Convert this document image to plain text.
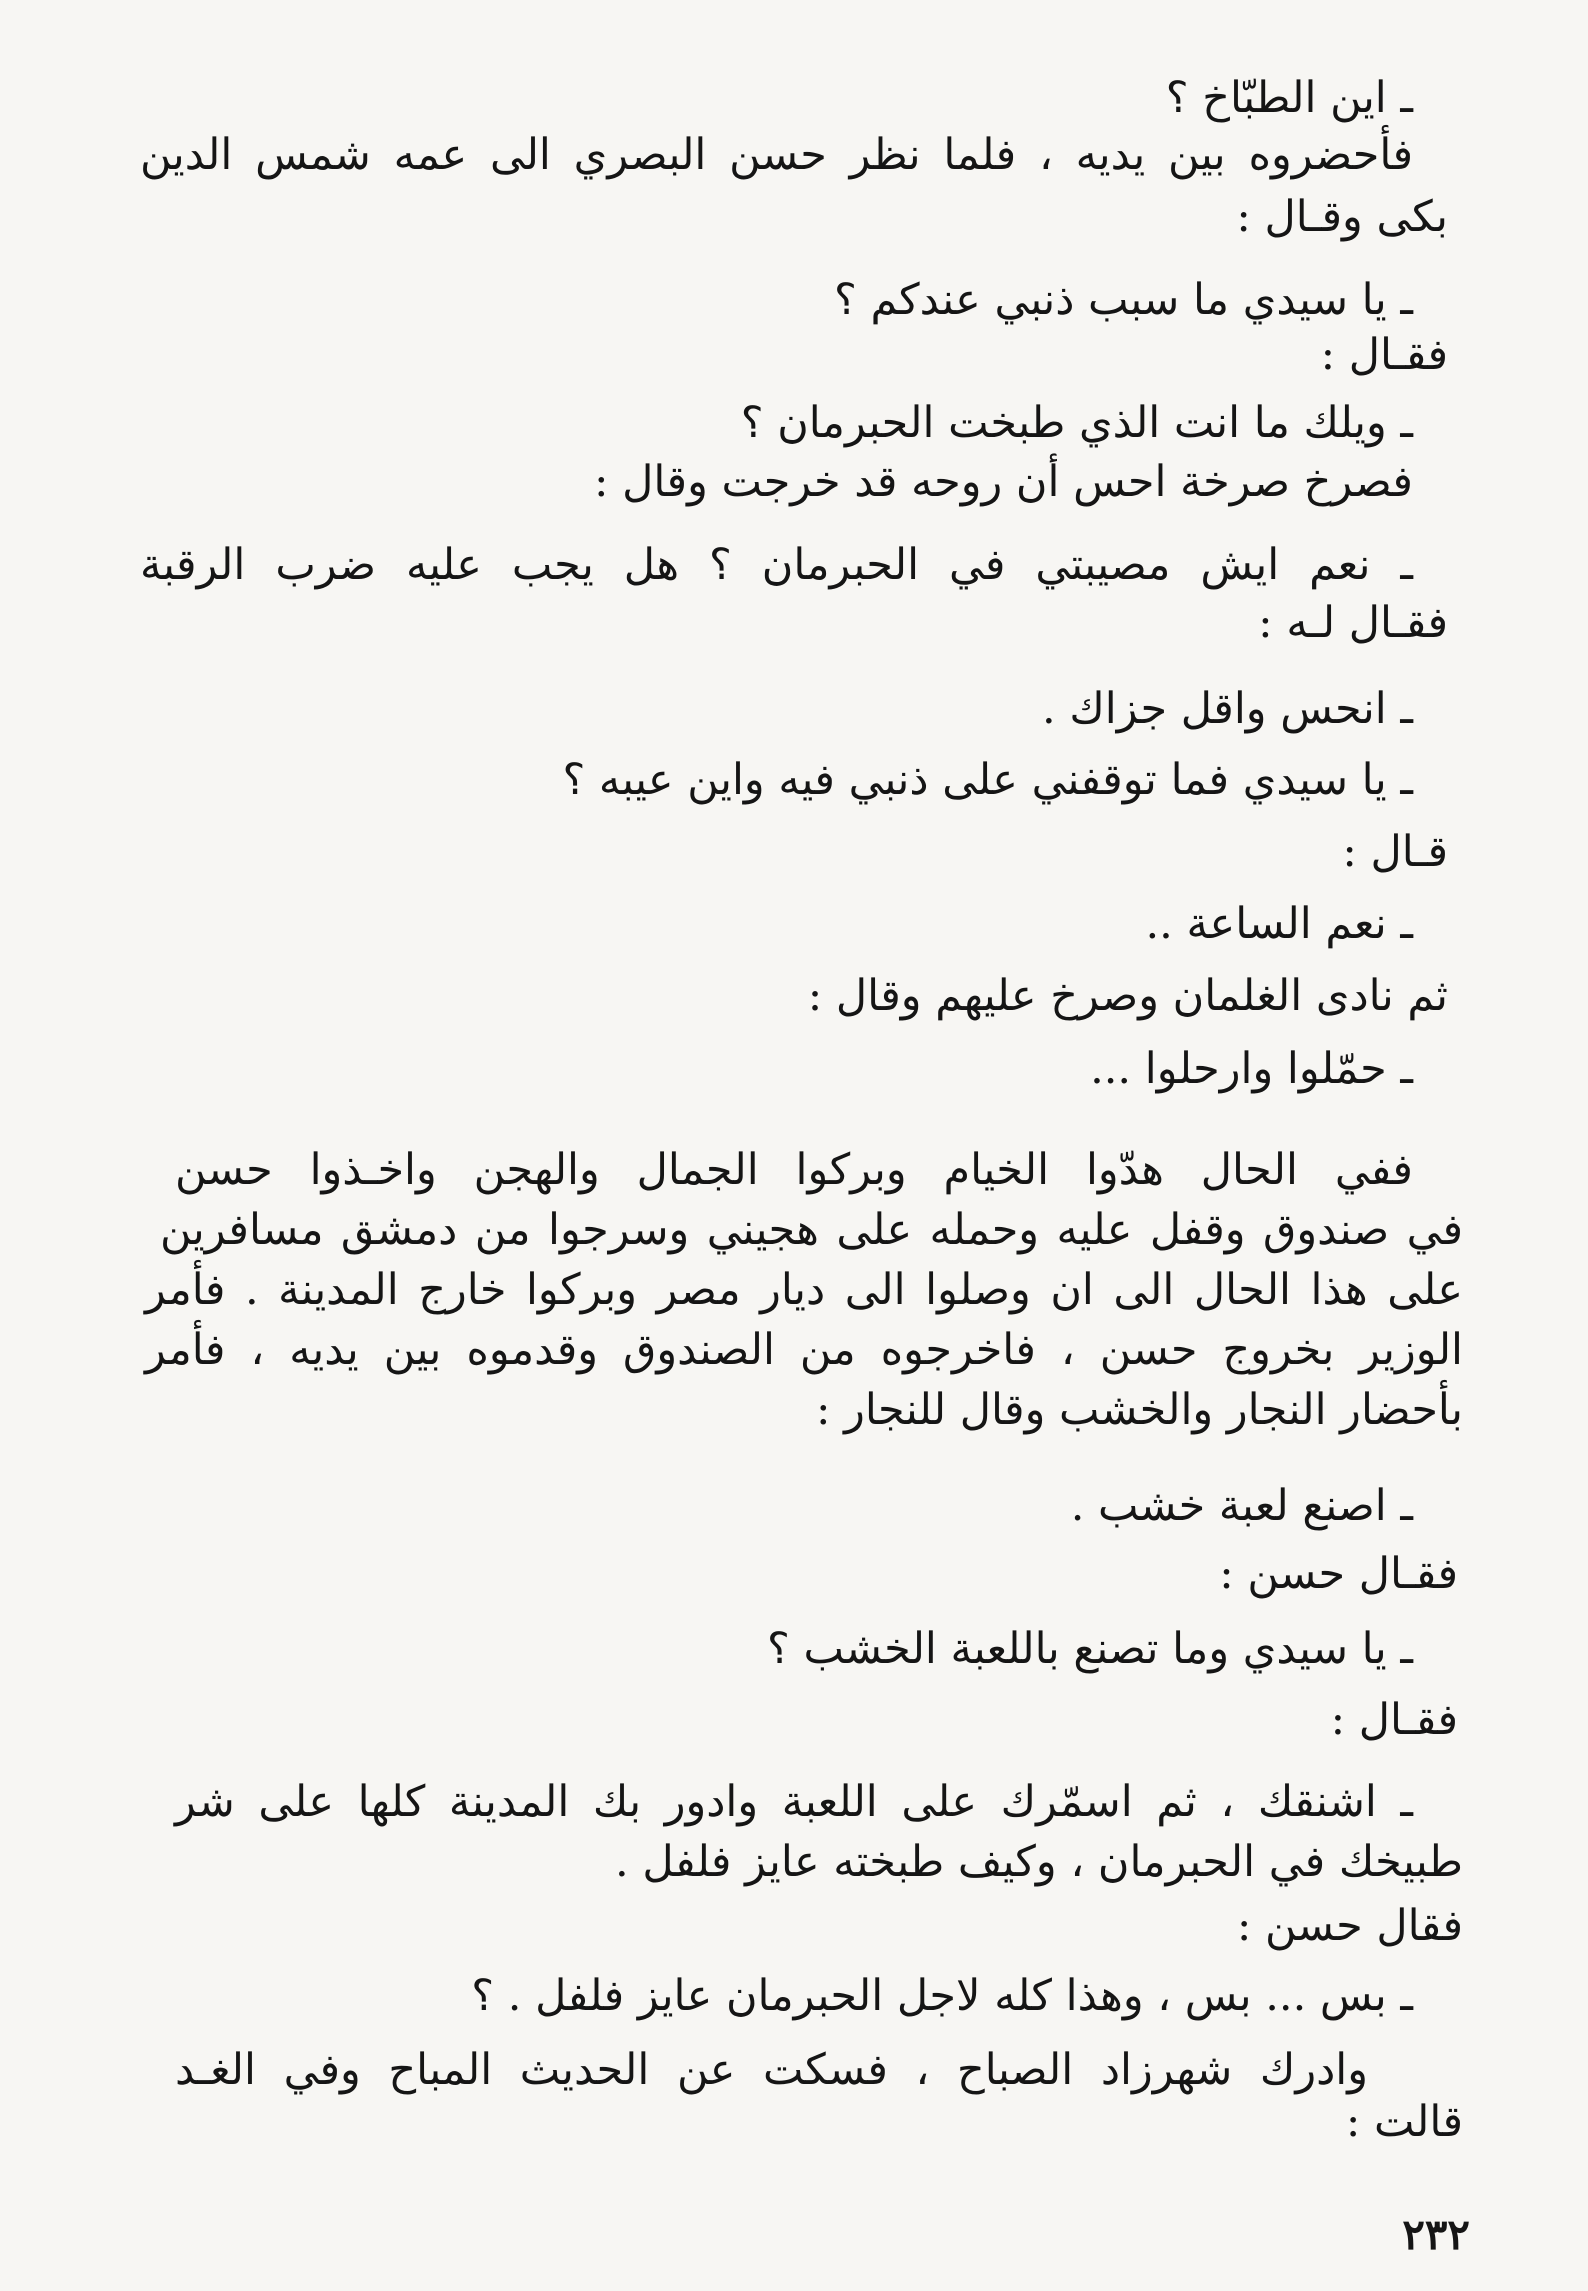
ـ اين الطبّاخ ؟
فأحضروه بين يديه ، فلما نظر حسن البصري الى عمه شمس الدين
بكى وقـال :
ـ يا سيدي ما سبب ذنبي عندكم ؟
فقـال :
ـ ويلك ما انت الذي طبخت الحبرمان ؟
فصرخ صرخة احس أن روحه قد خرجت وقال :
ـ نعم ايش مصيبتي في الحبرمان ؟ هل يجب عليه ضرب الرقبة
فقـال لـه :
ـ انحس واقل جزاك .
ـ يا سيدي فما توقفني على ذنبي فيه واين عيبه ؟
قـال :
ـ نعم الساعة ..
ثم نادى الغلمان وصرخ عليهم وقال :
ـ حمّلوا وارحلوا ...
ففي الحال هدّوا الخيام وبركوا الجمال والهجن واخـذوا حسن
في صندوق وقفل عليه وحمله على هجيني وسرجوا من دمشق مسافرين
على هذا الحال الى ان وصلوا الى ديار مصر وبركوا خارج المدينة . فأمر
الوزير بخروج حسن ، فاخرجوه من الصندوق وقدموه بين يديه ، فأمر
بأحضار النجار والخشب وقال للنجار :
ـ اصنع لعبة خشب .
فقـال حسن :
ـ يا سيدي وما تصنع باللعبة الخشب ؟
فقـال :
ـ اشنقك ، ثم اسمّرك على اللعبة وادور بك المدينة كلها على شر
طبيخك في الحبرمان ، وكيف طبخته عايز فلفل .
فقال حسن :
ـ بس ... بس ، وهذا كله لاجل الحبرمان عايز فلفل . ؟
وادرك شهرزاد الصباح ، فسكت عن الحديث المباح وفي الغـد
قالت :
٢٣٢
